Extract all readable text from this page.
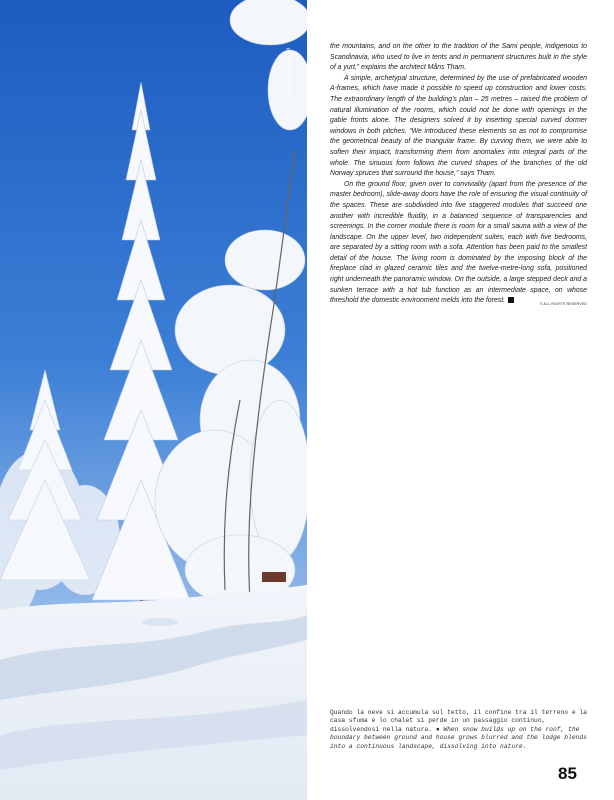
ph. Anders Strandberg

the mountains, and on the other to the tradition of the Sami people, indigenous to Scandinavia, who used to live in tents and in permanent structures built in the style of a yurt,” explains the architect Måns Tham.

A simple, archetypal structure, determined by the use of prefabricated wooden A-frames, which have made it possible to speed up construction and lower costs. The extraordinary length of the building’s plan – 25 metres – raised the problem of natural illumination of the rooms, which could not be done with openings in the gable fronts alone. The designers solved it by inserting special curved dormer windows in both pitches. “We introduced these elements so as not to compromise the geometrical beauty of the triangular frame. By curving them, we were able to soften their impact, transforming them from anomalies into integral parts of the whole. The sinuous form follows the curved shapes of the branches of the old Norway spruces that surround the house,” says Tham.

On the ground floor, given over to conviviality (apart from the presence of the master bedroom), slide-away doors have the role of ensuring the visual continuity of the spaces. These are subdivided into five staggered modules that succeed one another with incredible fluidity, in a balanced sequence of transparencies and screenings. In the corner module there is room for a small sauna with a view of the landscape. On the upper level, two independent suites, each with five bedrooms, are separated by a sitting room with a sofa. Attention has been paid to the smallest detail of the house. The living room is dominated by the imposing block of the fireplace clad in glazed ceramic tiles and the twelve-metre-long sofa, positioned right underneath the panoramic window. On the outside, a large stepped deck and a sunken terrace with a hot tub function as an intermediate space, on whose threshold the domestic environment melds into the forest.	© ALL RIGHTS RESERVED

Quando la neve si accumula sul tetto, il confine tra il terreno e la casa sfuma e lo chalet si perde in un passaggio continuo, dissolvendosi nella natura. ● When snow builds up on the roof, the boundary between ground and house grows blurred and the lodge blends into a continuous landscape, dissolving into nature.
85
